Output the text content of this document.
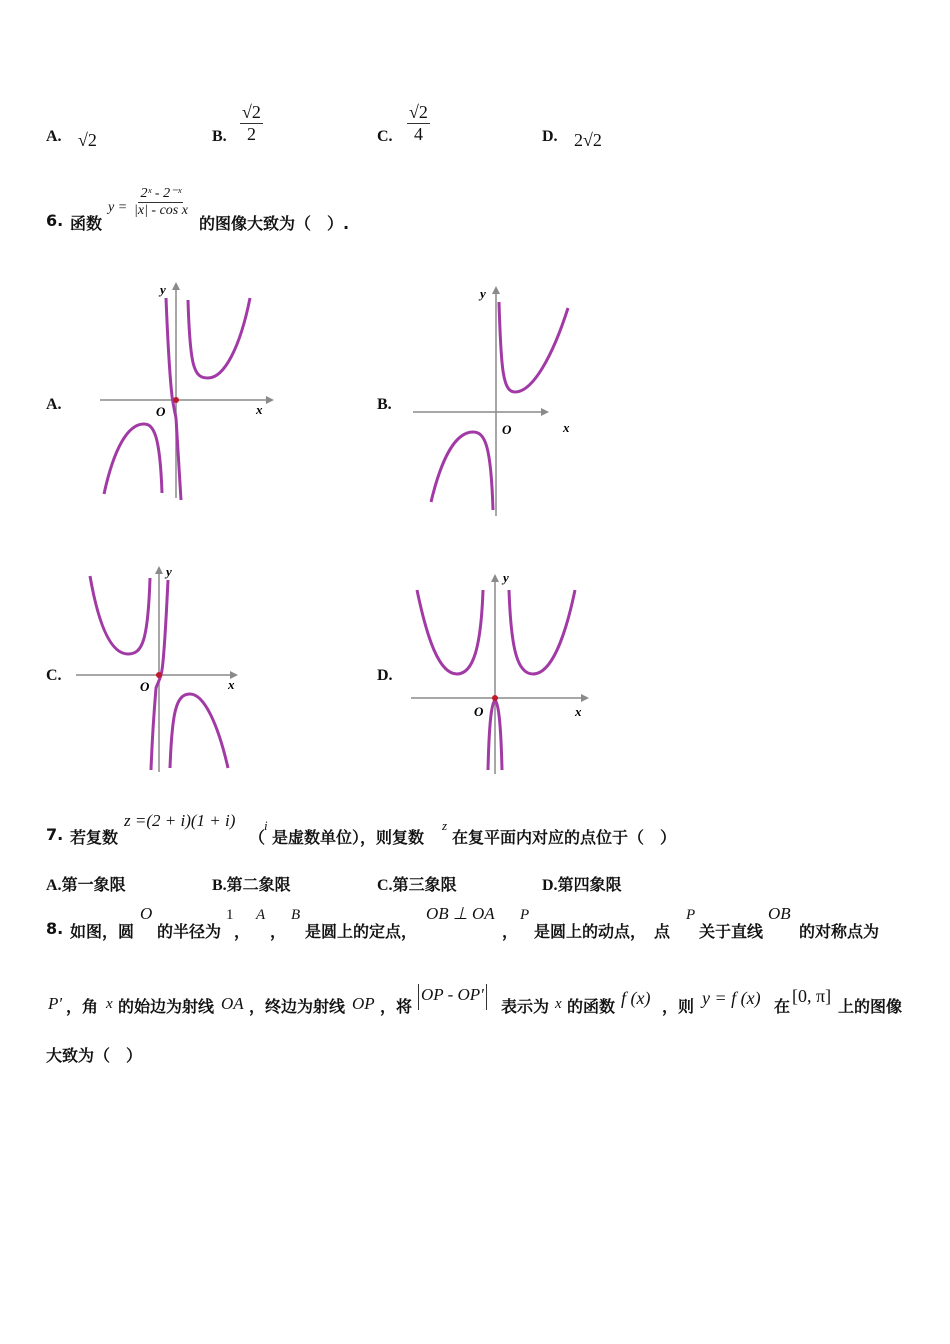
A. √2	B. $\frac{√2}{2}$	C. $\frac{√2}{4}$	D. 2√2
6. 函数
$y = \frac{\text{2ˣ - 2⁻ˣ}}{\text{|x| - cos x}}$
的图像大致为（　）.
A.	B.
C.	D.
y
x
O
y
x
O
y
x
O
y
x
O
7. 若复数
z =(2 + i)(1 + i)
（
i
是虚数单位），则复数
z
在复平面内对应的点位于（　）
A.第一象限	B.第二象限	C.第三象限	D.第四象限
8. 如图，圆
O
的半径为
1
，
A
，
B
是圆上的定点，
OB ⊥ OA
，
P
是圆上的动点，　点
P
关于直线
OB
的对称点为
P′ ，角 x 的始边为射线 OA ，终边为射线 OP ，将
OP - OP′
表示为 x 的函数 f (x) ，则 y = f (x) 在
[0, π]
上的图像
大致为（　）
